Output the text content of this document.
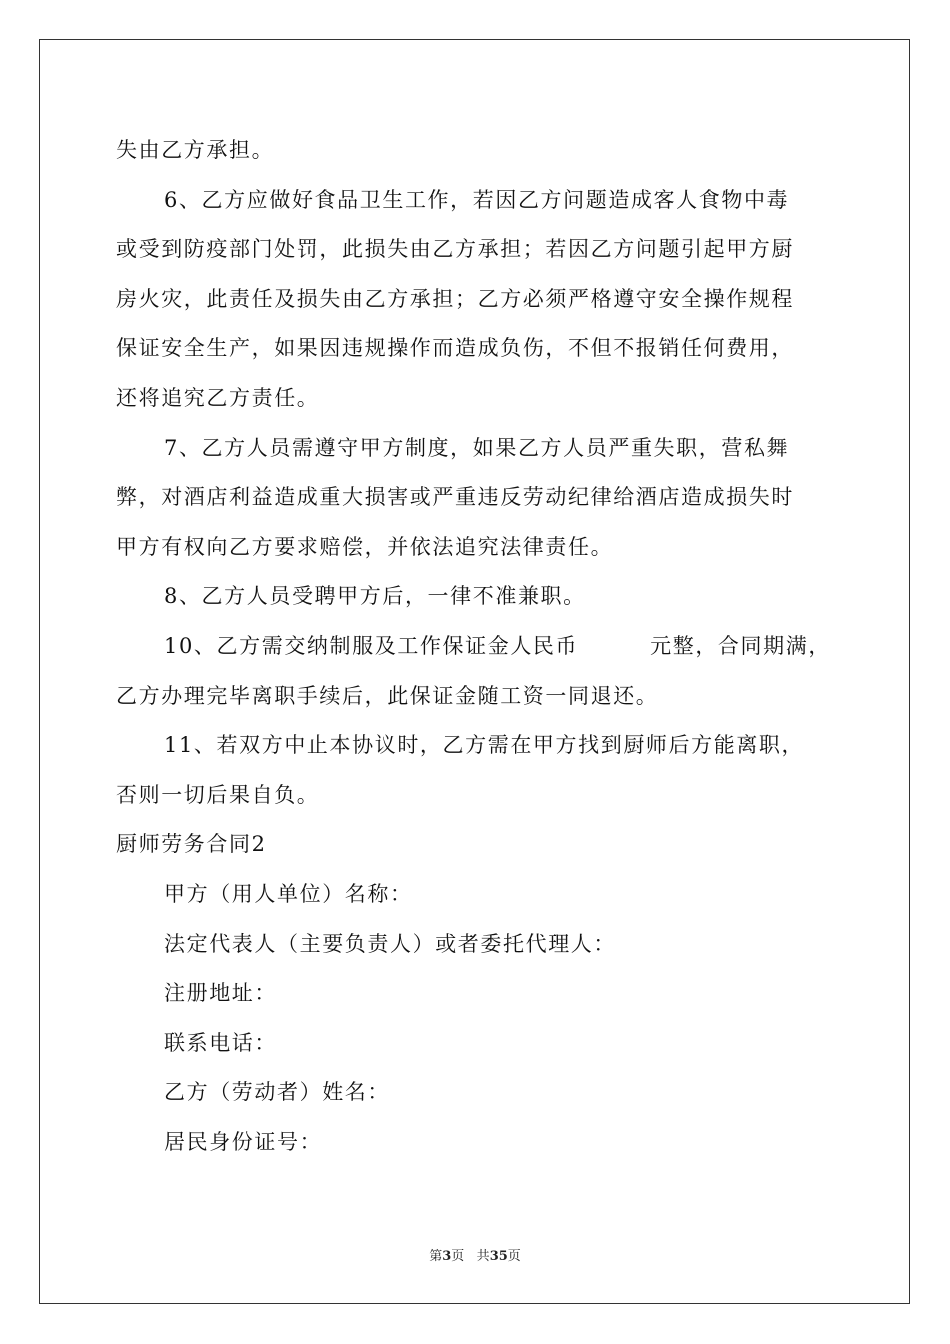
失由乙方承担。
6、乙方应做好食品卫生工作，若因乙方问题造成客人食物中毒
或受到防疫部门处罚，此损失由乙方承担；若因乙方问题引起甲方厨
房火灾，此责任及损失由乙方承担；乙方必须严格遵守安全操作规程
保证安全生产，如果因违规操作而造成负伤，不但不报销任何费用，
还将追究乙方责任。
7、乙方人员需遵守甲方制度，如果乙方人员严重失职，营私舞
弊，对酒店利益造成重大损害或严重违反劳动纪律给酒店造成损失时
甲方有权向乙方要求赔偿，并依法追究法律责任。
8、乙方人员受聘甲方后，一律不准兼职。
10、乙方需交纳制服及工作保证金人民币	元整，合同期满，
乙方办理完毕离职手续后，此保证金随工资一同退还。
11、若双方中止本协议时，乙方需在甲方找到厨师后方能离职，
否则一切后果自负。
厨师劳务合同2
甲方（用人单位）名称：
法定代表人（主要负责人）或者委托代理人：
注册地址：
联系电话：
乙方（劳动者）姓名：
居民身份证号：
第3页 共35页
